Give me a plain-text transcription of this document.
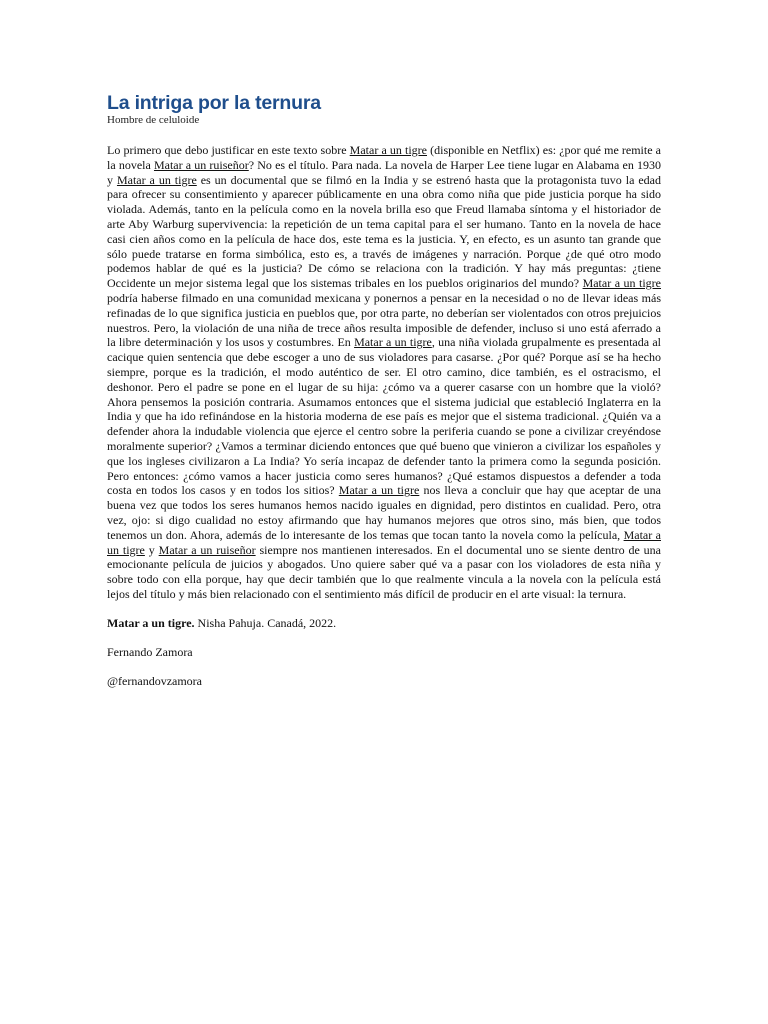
La intriga por la ternura

Hombre de celuloide

Lo primero que debo justificar en este texto sobre Matar a un tigre (disponible en Netflix) es: ¿por qué me remite a la novela Matar a un ruiseñor? No es el título. Para nada. La novela de Harper Lee tiene lugar en Alabama en 1930 y Matar a un tigre es un documental que se filmó en la India y se estrenó hasta que la protagonista tuvo la edad para ofrecer su consentimiento y aparecer públicamente en una obra como niña que pide justicia porque ha sido violada. Además, tanto en la película como en la novela brilla eso que Freud llamaba síntoma y el historiador de arte Aby Warburg supervivencia: la repetición de un tema capital para el ser humano. Tanto en la novela de hace casi cien años como en la película de hace dos, este tema es la justicia. Y, en efecto, es un asunto tan grande que sólo puede tratarse en forma simbólica, esto es, a través de imágenes y narración. Porque ¿de qué otro modo podemos hablar de qué es la justicia? De cómo se relaciona con la tradición. Y hay más preguntas: ¿tiene Occidente un mejor sistema legal que los sistemas tribales en los pueblos originarios del mundo? Matar a un tigre podría haberse filmado en una comunidad mexicana y ponernos a pensar en la necesidad o no de llevar ideas más refinadas de lo que significa justicia en pueblos que, por otra parte, no deberían ser violentados con otros prejuicios nuestros. Pero, la violación de una niña de trece años resulta imposible de defender, incluso si uno está aferrado a la libre determinación y los usos y costumbres. En Matar a un tigre, una niña violada grupalmente es presentada al cacique quien sentencia que debe escoger a uno de sus violadores para casarse. ¿Por qué? Porque así se ha hecho siempre, porque es la tradición, el modo auténtico de ser. El otro camino, dice también, es el ostracismo, el deshonor. Pero el padre se pone en el lugar de su hija: ¿cómo va a querer casarse con un hombre que la violó? Ahora pensemos la posición contraria. Asumamos entonces que el sistema judicial que estableció Inglaterra en la India y que ha ido refinándose en la historia moderna de ese país es mejor que el sistema tradicional. ¿Quién va a defender ahora la indudable violencia que ejerce el centro sobre la periferia cuando se pone a civilizar creyéndose moralmente superior? ¿Vamos a terminar diciendo entonces que qué bueno que vinieron a civilizar los españoles y que los ingleses civilizaron a La India? Yo sería incapaz de defender tanto la primera como la segunda posición. Pero entonces: ¿cómo vamos a hacer justicia como seres humanos? ¿Qué estamos dispuestos a defender a toda costa en todos los casos y en todos los sitios? Matar a un tigre nos lleva a concluir que hay que aceptar de una buena vez que todos los seres humanos hemos nacido iguales en dignidad, pero distintos en cualidad. Pero, otra vez, ojo: si digo cualidad no estoy afirmando que hay humanos mejores que otros sino, más bien, que todos tenemos un don. Ahora, además de lo interesante de los temas que tocan tanto la novela como la película, Matar a un tigre y Matar a un ruiseñor siempre nos mantienen interesados. En el documental uno se siente dentro de una emocionante película de juicios y abogados. Uno quiere saber qué va a pasar con los violadores de esta niña y sobre todo con ella porque, hay que decir también que lo que realmente vincula a la novela con la película está lejos del título y más bien relacionado con el sentimiento más difícil de producir en el arte visual: la ternura.

Matar a un tigre. Nisha Pahuja. Canadá, 2022.

Fernando Zamora

@fernandovzamora
